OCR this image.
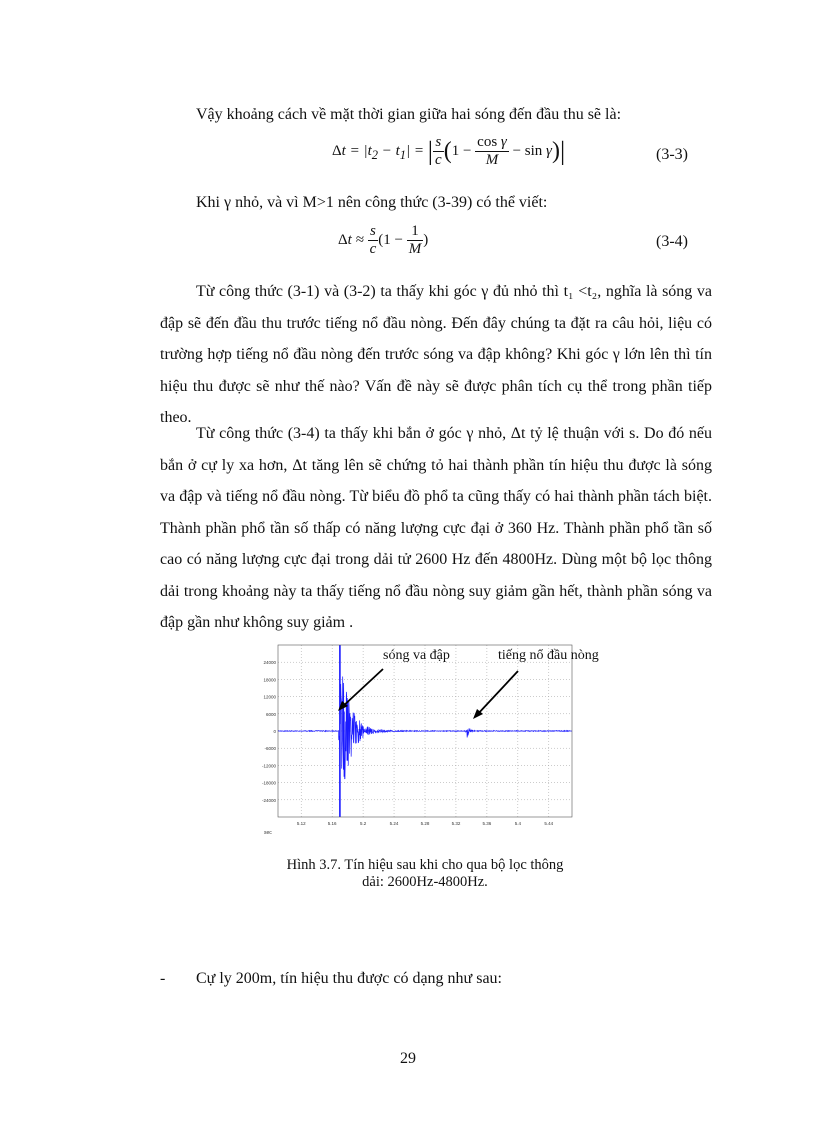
Vậy khoảng cách về mặt thời gian giữa hai sóng đến đầu thu sẽ là:

$\Delta t = |t_2 - t_1|$ = | $\frac{s}{c} (1 - \frac{\text{cos γ}}{M} - \sin \gamma)|$	(3-3)

Khi γ nhỏ, và vì M>1 nên công thức (3-39) có thể viết:

$\Delta t \approx \frac{s}{c} (1 - \frac{1}{M}$ )	(3-4)

Từ công thức (3-1) và (3-2) ta thấy khi góc γ đủ nhỏ thì t₁ <t₂, nghĩa là sóng va đập sẽ đến đầu thu trước tiếng nổ đầu nòng. Đến đây chúng ta đặt ra câu hỏi, liệu có trường hợp tiếng nổ đầu nòng đến trước sóng va đập không? Khi góc γ lớn lên thì tín hiệu thu được sẽ như thế nào? Vấn đề này sẽ được phân tích cụ thể trong phần tiếp theo.

Từ công thức (3-4) ta thấy khi bắn ở góc γ nhỏ, Δt tỷ lệ thuận với s. Do đó nếu bắn ở cự ly xa hơn, Δt tăng lên sẽ chứng tỏ hai thành phần tín hiệu thu được là sóng va đập và tiếng nổ đầu nòng. Từ biểu đồ phổ ta cũng thấy có hai thành phần tách biệt. Thành phần phổ tần số thấp có năng lượng cực đại ở 360 Hz. Thành phần phổ tần số cao có năng lượng cực đại trong dải tử 2600 Hz đến 4800Hz. Dùng một bộ lọc thông dải trong khoảng này ta thấy tiếng nổ đầu nòng suy giảm gần hết, thành phần sóng va đập gần như không suy giảm .

24000
18000
12000
6000
0
-6000
-12000
-18000
-24000
5.12	5.16	5.2	5.24	5.28	5.32	5.36	5.4	5.44
sóng va đập	tiếng nổ đầu nòng
sec
Hình 3.7. Tín hiệu sau khi cho qua bộ lọc thông
dải: 2600Hz-4800Hz.
- Cự ly 200m, tín hiệu thu được có dạng như sau:
29
